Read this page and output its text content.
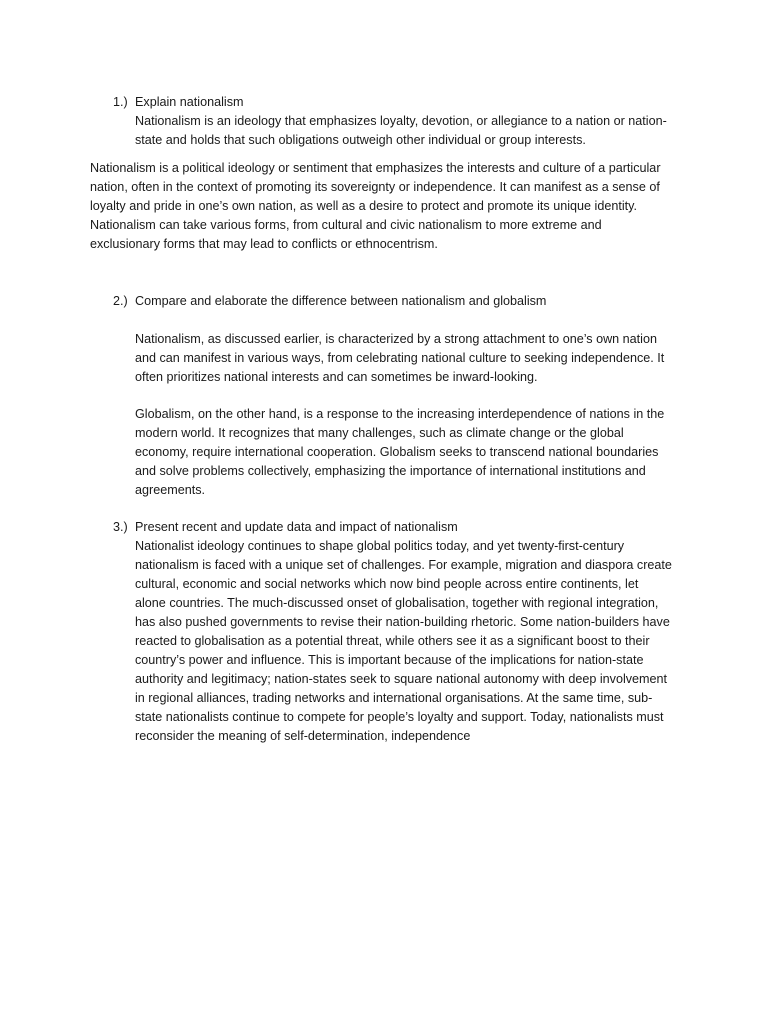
1.) Explain nationalism
Nationalism is an ideology that emphasizes loyalty, devotion, or allegiance to a nation or nation-
state and holds that such obligations outweigh other individual or group interests.
Nationalism is a political ideology or sentiment that emphasizes the interests and culture of a particular
nation, often in the context of promoting its sovereignty or independence. It can manifest as a sense of
loyalty and pride in one’s own nation, as well as a desire to protect and promote its unique identity.
Nationalism can take various forms, from cultural and civic nationalism to more extreme and
exclusionary forms that may lead to conflicts or ethnocentrism.
2.) Compare and elaborate the difference between nationalism and globalism
Nationalism, as discussed earlier, is characterized by a strong attachment to one’s own nation
and can manifest in various ways, from celebrating national culture to seeking independence. It
often prioritizes national interests and can sometimes be inward-looking.
Globalism, on the other hand, is a response to the increasing interdependence of nations in the
modern world. It recognizes that many challenges, such as climate change or the global
economy, require international cooperation. Globalism seeks to transcend national boundaries
and solve problems collectively, emphasizing the importance of international institutions and
agreements.
3.) Present recent and update data and impact of nationalism
Nationalist ideology continues to shape global politics today, and yet twenty-first-century
nationalism is faced with a unique set of challenges. For example, migration and diaspora create
cultural, economic and social networks which now bind people across entire continents, let
alone countries. The much-discussed onset of globalisation, together with regional integration,
has also pushed governments to revise their nation-building rhetoric. Some nation-builders have
reacted to globalisation as a potential threat, while others see it as a significant boost to their
country’s power and influence. This is important because of the implications for nation-state
authority and legitimacy; nation-states seek to square national autonomy with deep involvement
in regional alliances, trading networks and international organisations. At the same time, sub-
state nationalists continue to compete for people’s loyalty and support. Today, nationalists must
reconsider the meaning of self-determination, independence
